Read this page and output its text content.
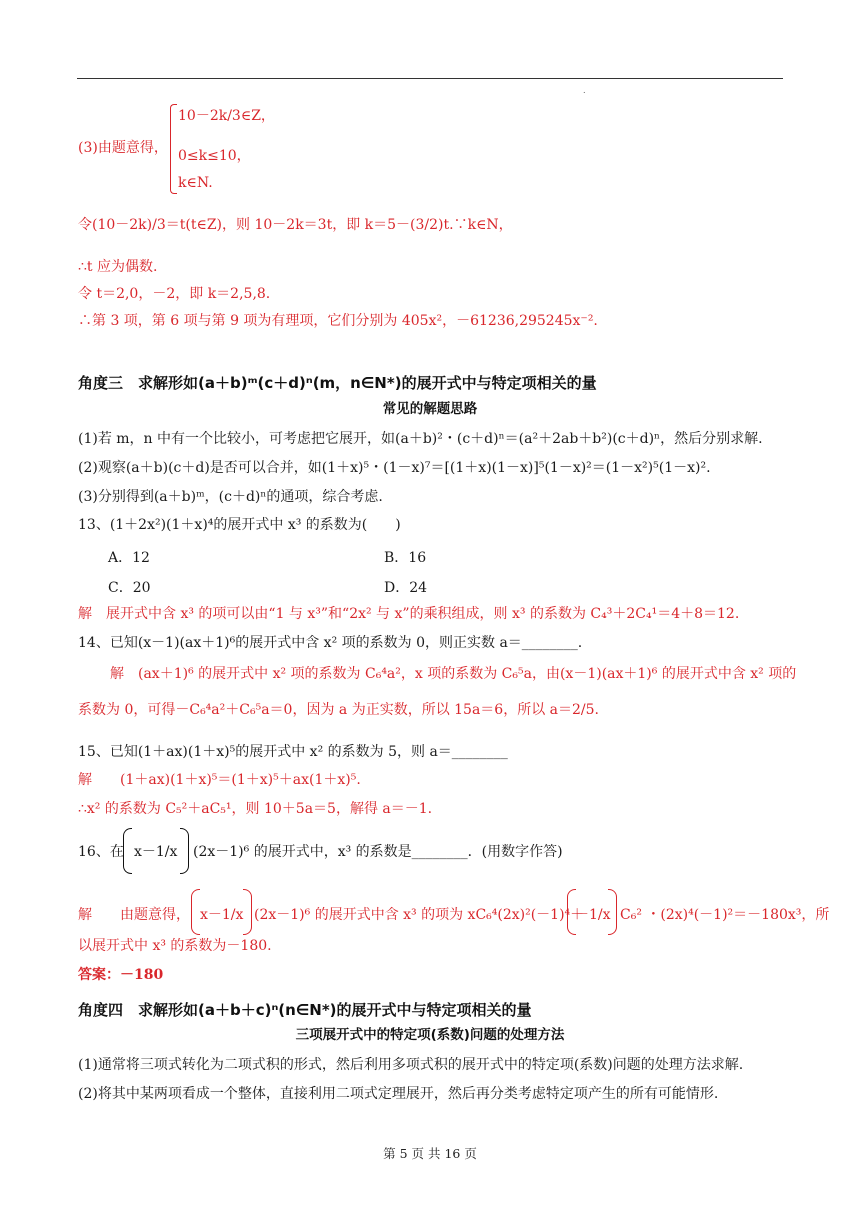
.
(3)由题意得，
10－2k/3∈Z，
0≤k≤10，
k∈N.
令(10－2k)/3＝t(t∈Z)，则 10－2k＝3t，即 k＝5－(3/2)t.∵k∈N，
∴t 应为偶数.
令 t＝2,0，－2，即 k＝2,5,8.
∴第 3 项，第 6 项与第 9 项为有理项，它们分别为 405x²，－61236,295245x⁻².
角度三　求解形如(a＋b)ᵐ(c＋d)ⁿ(m，n∈N*)的展开式中与特定项相关的量
常见的解题思路
(1)若 m，n 中有一个比较小，可考虑把它展开，如(a＋b)²・(c＋d)ⁿ＝(a²＋2ab＋b²)(c＋d)ⁿ，然后分别求解.
(2)观察(a＋b)(c＋d)是否可以合并，如(1＋x)⁵・(1－x)⁷＝[(1＋x)(1－x)]⁵(1－x)²＝(1－x²)⁵(1－x)².
(3)分别得到(a＋b)ᵐ，(c＋d)ⁿ的通项，综合考虑.
13、(1＋2x²)(1＋x)⁴的展开式中 x³ 的系数为(　　)
A．12	B．16
C．20	D．24
解　展开式中含 x³ 的项可以由“1 与 x³”和“2x² 与 x”的乘积组成，则 x³ 的系数为 C₄³＋2C₄¹＝4＋8＝12.
14、已知(x－1)(ax＋1)⁶的展开式中含 x² 项的系数为 0，则正实数 a＝________.
解　(ax＋1)⁶ 的展开式中 x² 项的系数为 C₆⁴a²，x 项的系数为 C₆⁵a，由(x－1)(ax＋1)⁶ 的展开式中含 x² 项的
系数为 0，可得－C₆⁴a²＋C₆⁵a＝0，因为 a 为正实数，所以 15a＝6，所以 a＝2/5.
15、已知(1＋ax)(1＋x)⁵的展开式中 x² 的系数为 5，则 a＝________
解　　(1＋ax)(1＋x)⁵＝(1＋x)⁵＋ax(1＋x)⁵.
∴x² 的系数为 C₅²＋aC₅¹，则 10＋5a＝5，解得 a＝－1.
16、在 x－1/x (2x－1)⁶ 的展开式中，x³ 的系数是________．(用数字作答)
解　　由题意得， x－1/x (2x－1)⁶ 的展开式中含 x³ 的项为 xC₆⁴(2x)²(－1)⁴＋
－1/x C₆² ・(2x)⁴(－1)²＝－180x³，所
以展开式中 x³ 的系数为－180.
答案：－180
角度四　求解形如(a＋b＋c)ⁿ(n∈N*)的展开式中与特定项相关的量
三项展开式中的特定项(系数)问题的处理方法
(1)通常将三项式转化为二项式积的形式，然后利用多项式积的展开式中的特定项(系数)问题的处理方法求解.
(2)将其中某两项看成一个整体，直接利用二项式定理展开，然后再分类考虑特定项产生的所有可能情形.
第 5 页 共 16 页
